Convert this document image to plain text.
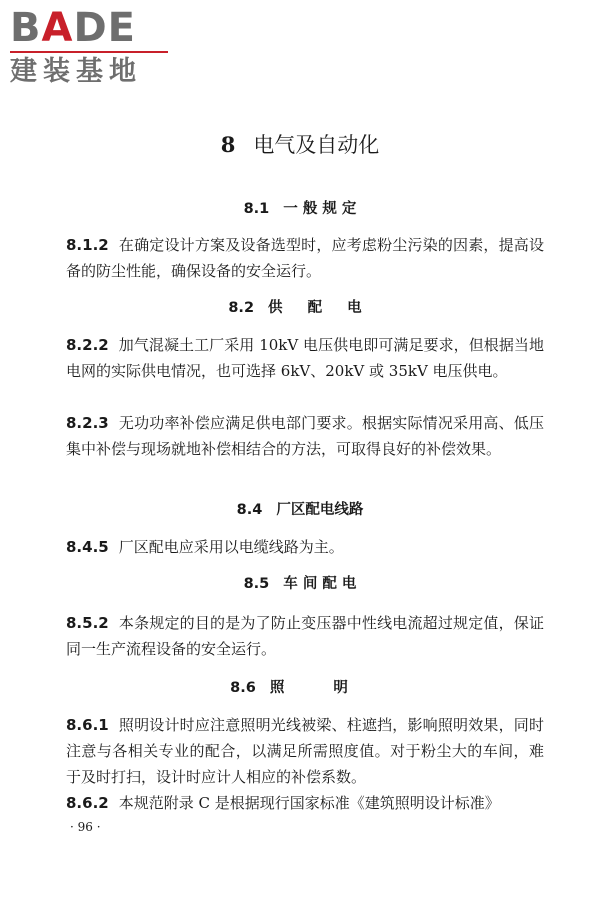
BADE
建装基地
8 电气及自动化
8.1 一 般 规 定
8.1.2 在确定设计方案及设备选型时，应考虑粉尘污染的因素，提高设备的防尘性能，确保设备的安全运行。
8.2 供 配 电
8.2.2 加气混凝土工厂采用 10kV 电压供电即可满足要求，但根据当地电网的实际供电情况，也可选择 6kV、20kV 或 35kV 电压供电。
8.2.3 无功功率补偿应满足供电部门要求。根据实际情况采用高、低压集中补偿与现场就地补偿相结合的方法，可取得良好的补偿效果。
8.4 厂区配电线路
8.4.5 厂区配电应采用以电缆线路为主。
8.5 车 间 配 电
8.5.2 本条规定的目的是为了防止变压器中性线电流超过规定值，保证同一生产流程设备的安全运行。
8.6 照 明
8.6.1 照明设计时应注意照明光线被梁、柱遮挡，影响照明效果，同时注意与各相关专业的配合，以满足所需照度值。对于粉尘大的车间，难于及时打扫，设计时应计人相应的补偿系数。
8.6.2 本规范附录 C 是根据现行国家标准《建筑照明设计标准》
· 96 ·
